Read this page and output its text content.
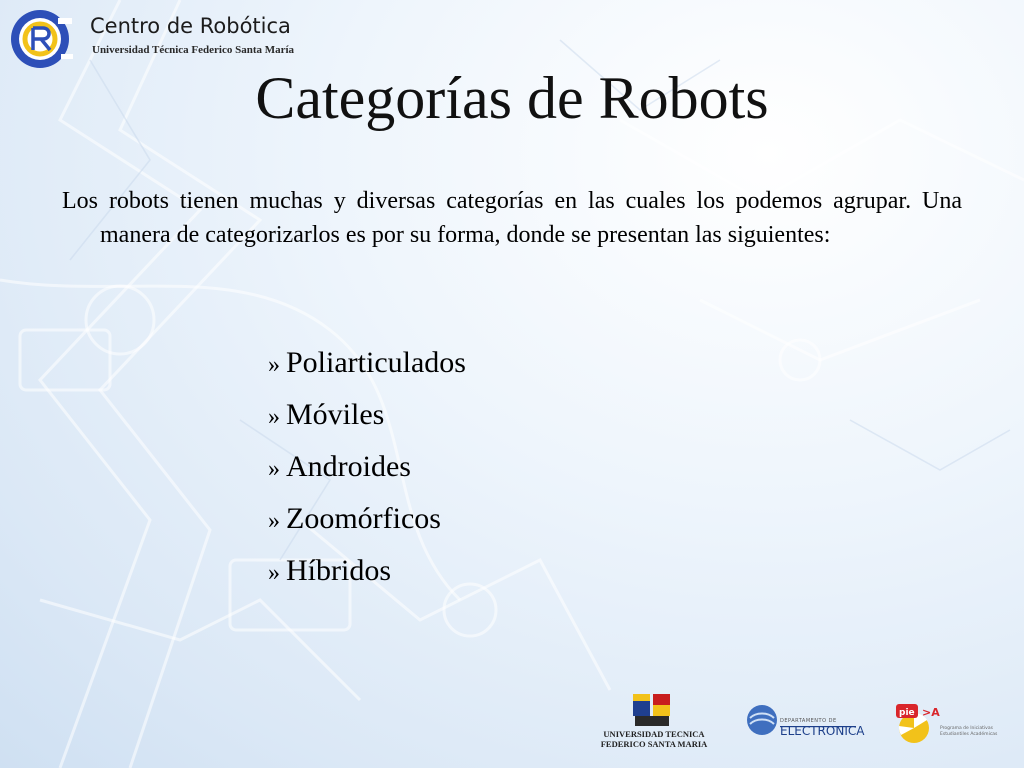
Centro de Robótica
Universidad Técnica Federico Santa María
Categorías de Robots

Los robots tienen muchas y diversas categorías en las cuales los podemos agrupar. Una manera de categorizarlos es por su forma, donde se presentan las siguientes:

» Poliarticulados
» Móviles
» Androides
» Zoomórficos
» Híbridos
UNIVERSIDAD TECNICA
FEDERICO SANTA MARIA
DEPARTAMENTO DE
ELECTRONICA
pie >A
Programa de Iniciativas
Estudiantiles Académicas
